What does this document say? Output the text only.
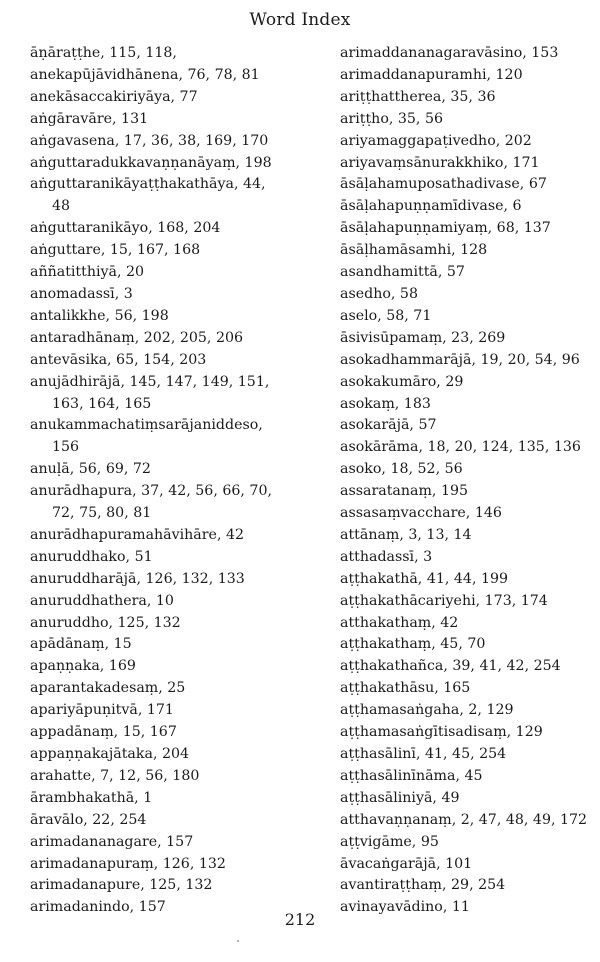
Word Index
āṇāraṭṭhe, 115, 118,
anekapūjāvidhānena, 76, 78, 81
anekāsaccakiriyāya, 77
aṅgāravāre, 131
aṅgavasena, 17, 36, 38, 169, 170
aṅguttaradukkavaṇṇanāyaṃ, 198
aṅguttaranikāyaṭṭhakathāya, 44,
48
aṅguttaranikāyo, 168, 204
aṅguttare, 15, 167, 168
aññatitthiyā, 20
anomadassī, 3
antalikkhe, 56, 198
antaradhānaṃ, 202, 205, 206
antevāsika, 65, 154, 203
anujādhirājā, 145, 147, 149, 151,
163, 164, 165
anukammachatiṃsarājaniddeso,
156
anuḷā, 56, 69, 72
anurādhapura, 37, 42, 56, 66, 70,
72, 75, 80, 81
anurādhapuramahāvihāre, 42
anuruddhako, 51
anuruddharājā, 126, 132, 133
anuruddhathera, 10
anuruddho, 125, 132
apādānaṃ, 15
apaṇṇaka, 169
aparantakadesaṃ, 25
apariyāpuṇitvā, 171
appadānaṃ, 15, 167
appaṇṇakajātaka, 204
arahatte, 7, 12, 56, 180
ārambhakathā, 1
āravālo, 22, 254
arimadananagare, 157
arimadanapuraṃ, 126, 132
arimadanapure, 125, 132
arimadanindo, 157
arimaddananagaravāsino, 153
arimaddanapuramhi, 120
ariṭṭhattherea, 35, 36
ariṭṭho, 35, 56
ariyamaggapaṭivedho, 202
ariyavaṃsānurakkhiko, 171
āsāḷahamuposathadivase, 67
āsāḷahapuṇṇamīdivase, 6
āsāḷahapuṇṇamiyaṃ, 68, 137
āsāḷhamāsamhi, 128
asandhamittā, 57
asedho, 58
aselo, 58, 71
āsivisūpamaṃ, 23, 269
asokadhammarājā, 19, 20, 54, 96
asokakumāro, 29
asokaṃ, 183
asokarājā, 57
asokārāma, 18, 20, 124, 135, 136
asoko, 18, 52, 56
assaratanaṃ, 195
assasaṃvacchare, 146
attānaṃ, 3, 13, 14
atthadassī, 3
aṭṭhakathā, 41, 44, 199
aṭṭhakathācariyehi, 173, 174
atthakathaṃ, 42
aṭṭhakathaṃ, 45, 70
aṭṭhakathañca, 39, 41, 42, 254
aṭṭhakathāsu, 165
aṭṭhamasaṅgaha, 2, 129
aṭṭhamasaṅgītisadisaṃ, 129
aṭṭhasālinī, 41, 45, 254
aṭṭhasālinīnāma, 45
aṭṭhasāliniyā, 49
atthavaṇṇanaṃ, 2, 47, 48, 49, 172
aṭṭvigāme, 95
āvacaṅgarājā, 101
avantiraṭṭhaṃ, 29, 254
avinayavādino, 11
212
